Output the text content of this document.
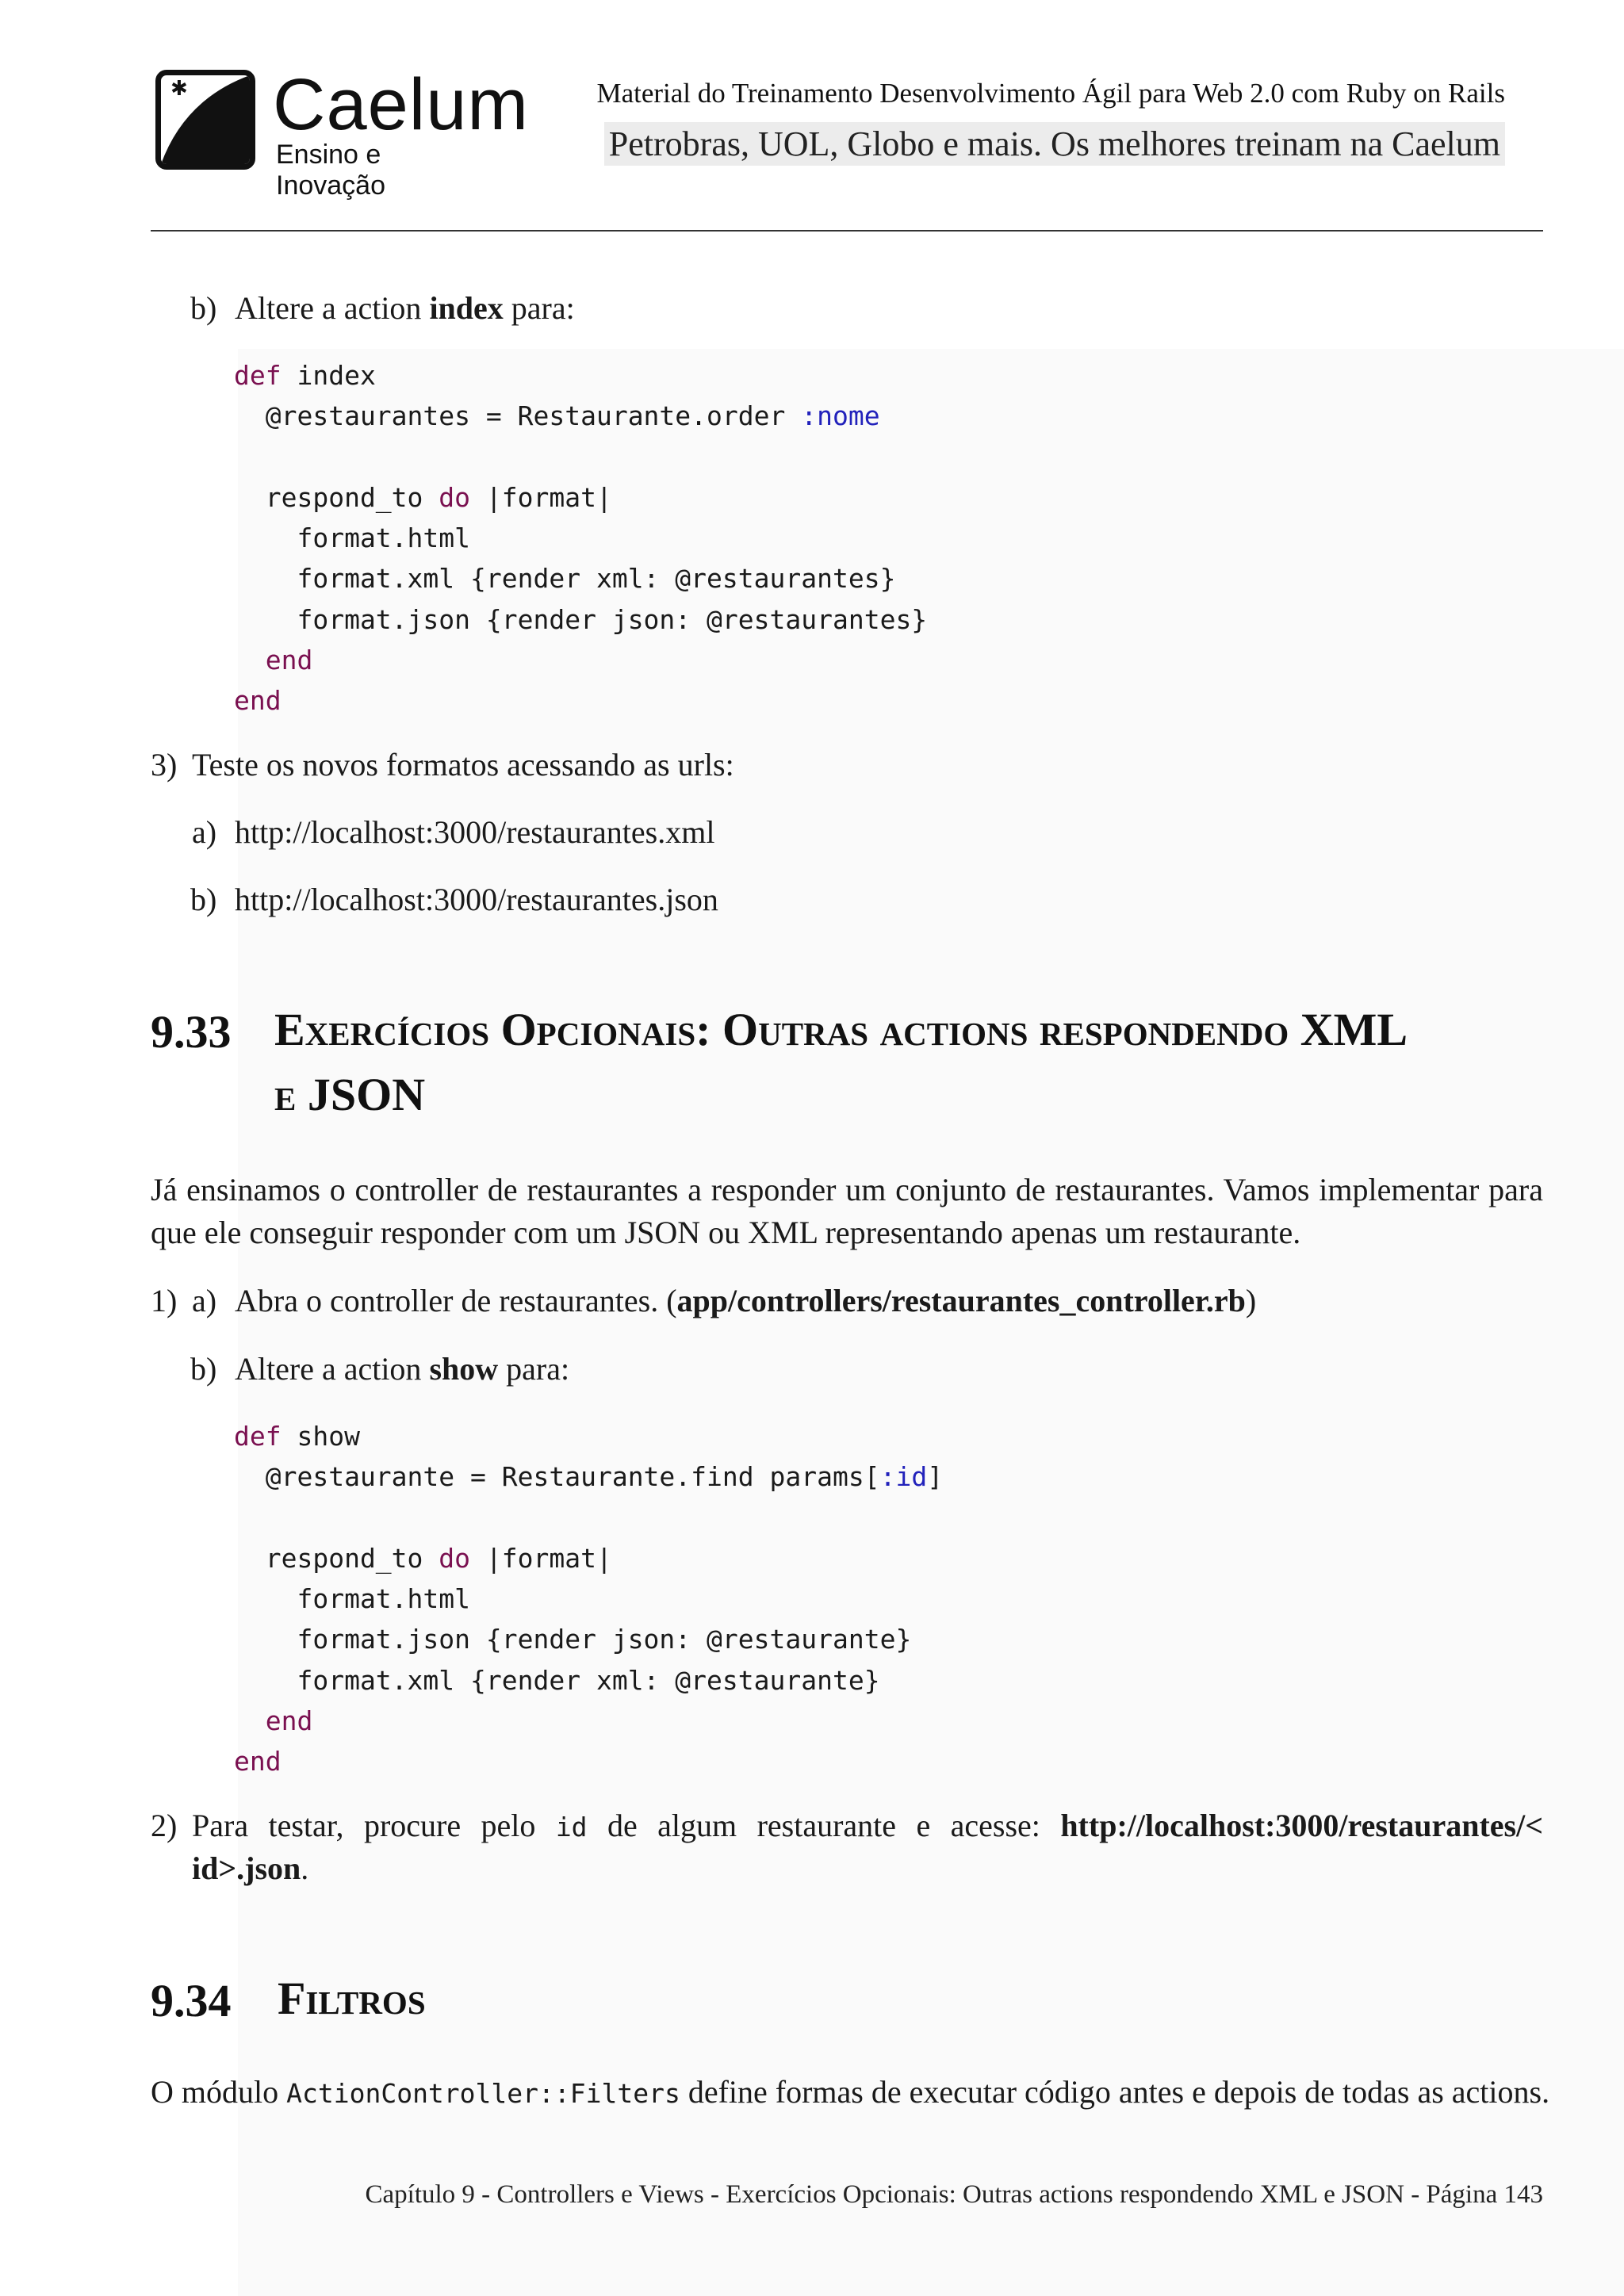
✱ Caelum
Ensino e Inovação
Material do Treinamento Desenvolvimento Ágil para Web 2.0 com Ruby on Rails
Petrobras, UOL, Globo e mais. Os melhores treinam na Caelum
b) Altere a action index para:
def index
@restaurantes = Restaurante.order :nome
respond_to do |format|
format.html
format.xml {render xml: @restaurantes}
format.json {render json: @restaurantes}
end
end
3) Teste os novos formatos acessando as urls:
a) http://localhost:3000/restaurantes.xml
b) http://localhost:3000/restaurantes.json
9.33 Exercícios Opcionais: Outras actions respondendo XML
e JSON
Já ensinamos o controller de restaurantes a responder um conjunto de restaurantes. Vamos implementar para que ele conseguir responder com um JSON ou XML representando apenas um restaurante.
1) a) Abra o controller de restaurantes. (app/controllers/restaurantes_controller.rb)
b) Altere a action show para:
def show
@restaurante = Restaurante.find params[:id]
respond_to do |format|
format.html
format.json {render json: @restaurante}
format.xml {render xml: @restaurante}
end
end
2) Para testar, procure pelo id de algum restaurante e acesse: http://localhost:3000/restaurantes/<
id>.json.
9.34 Filtros
O módulo ActionController::Filters define formas de executar código antes e depois de todas as actions.
Capítulo 9 - Controllers e Views - Exercícios Opcionais: Outras actions respondendo XML e JSON - Página 143
